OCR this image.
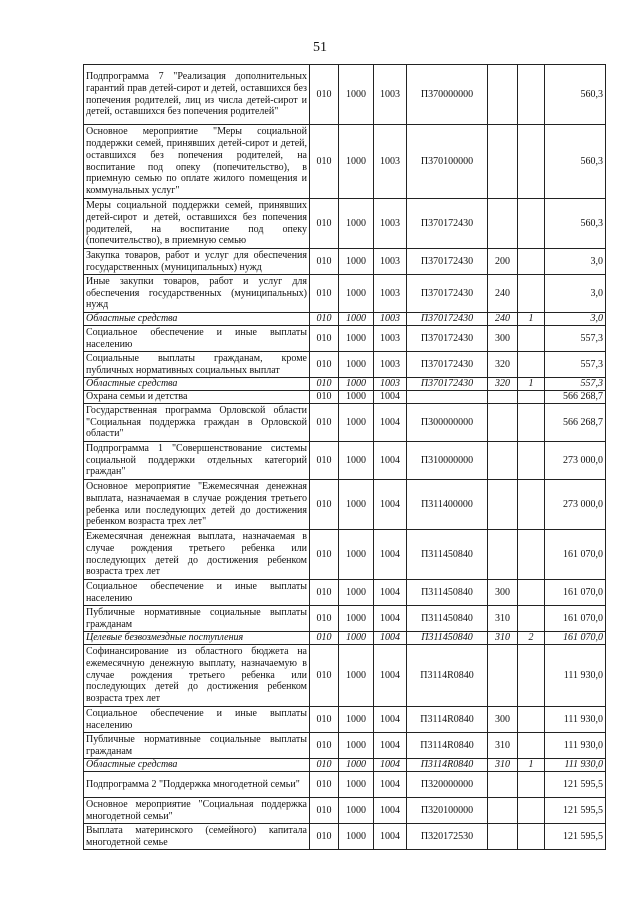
51
Подпрограмма 7 "Реализация дополнительных гарантий прав детей-сирот и детей, оставшихся без попечения родителей, лиц из числа детей-сирот и детей, оставшихся без попечения родителей"	010	1000	1003	П370000000			560,3
Основное мероприятие "Меры социальной поддержки семей, принявших детей-сирот и детей, оставшихся без попечения родителей, на воспитание под опеку (попечительство), в приемную семью по оплате жилого помещения и коммунальных услуг"	010	1000	1003	П370100000			560,3
Меры социальной поддержки семей, принявших детей-сирот и детей, оставшихся без попечения родителей, на воспитание под опеку (попечительство), в приемную семью	010	1000	1003	П370172430			560,3
Закупка товаров, работ и услуг для обеспечения государственных (муниципальных) нужд	010	1000	1003	П370172430	200		3,0
Иные закупки товаров, работ и услуг для обеспечения государственных (муниципальных) нужд	010	1000	1003	П370172430	240		3,0
Областные средства	010	1000	1003	П370172430	240	1	3,0
Социальное обеспечение и иные выплаты населению	010	1000	1003	П370172430	300		557,3
Социальные выплаты гражданам, кроме публичных нормативных социальных выплат	010	1000	1003	П370172430	320		557,3
Областные средства	010	1000	1003	П370172430	320	1	557,3
Охрана семьи и детства	010	1000	1004				566 268,7
Государственная программа Орловской области "Социальная поддержка граждан в Орловской области"	010	1000	1004	П300000000			566 268,7
Подпрограмма 1 "Совершенствование системы социальной поддержки отдельных категорий граждан"	010	1000	1004	П310000000			273 000,0
Основное мероприятие "Ежемесячная денежная выплата, назначаемая в случае рождения третьего ребенка или последующих детей до достижения ребенком возраста трех лет"	010	1000	1004	П311400000			273 000,0
Ежемесячная денежная выплата, назначаемая в случае рождения третьего ребенка или последующих детей до достижения ребенком возраста трех лет	010	1000	1004	П311450840			161 070,0
Социальное обеспечение и иные выплаты населению	010	1000	1004	П311450840	300		161 070,0
Публичные нормативные социальные выплаты гражданам	010	1000	1004	П311450840	310		161 070,0
Целевые безвозмездные поступления	010	1000	1004	П311450840	310	2	161 070,0
Софинансирование из областного бюджета на ежемесячную денежную выплату, назначаемую в случае рождения третьего ребенка или последующих детей до достижения ребенком возраста трех лет	010	1000	1004	П3114R0840			111 930,0
Социальное обеспечение и иные выплаты населению	010	1000	1004	П3114R0840	300		111 930,0
Публичные нормативные социальные выплаты гражданам	010	1000	1004	П3114R0840	310		111 930,0
Областные средства	010	1000	1004	П3114R0840	310	1	111 930,0
Подпрограмма 2 "Поддержка многодетной семьи"	010	1000	1004	П320000000			121 595,5
Основное мероприятие "Социальная поддержка многодетной семьи"	010	1000	1004	П320100000			121 595,5
Выплата материнского (семейного) капитала многодетной семье	010	1000	1004	П320172530			121 595,5
